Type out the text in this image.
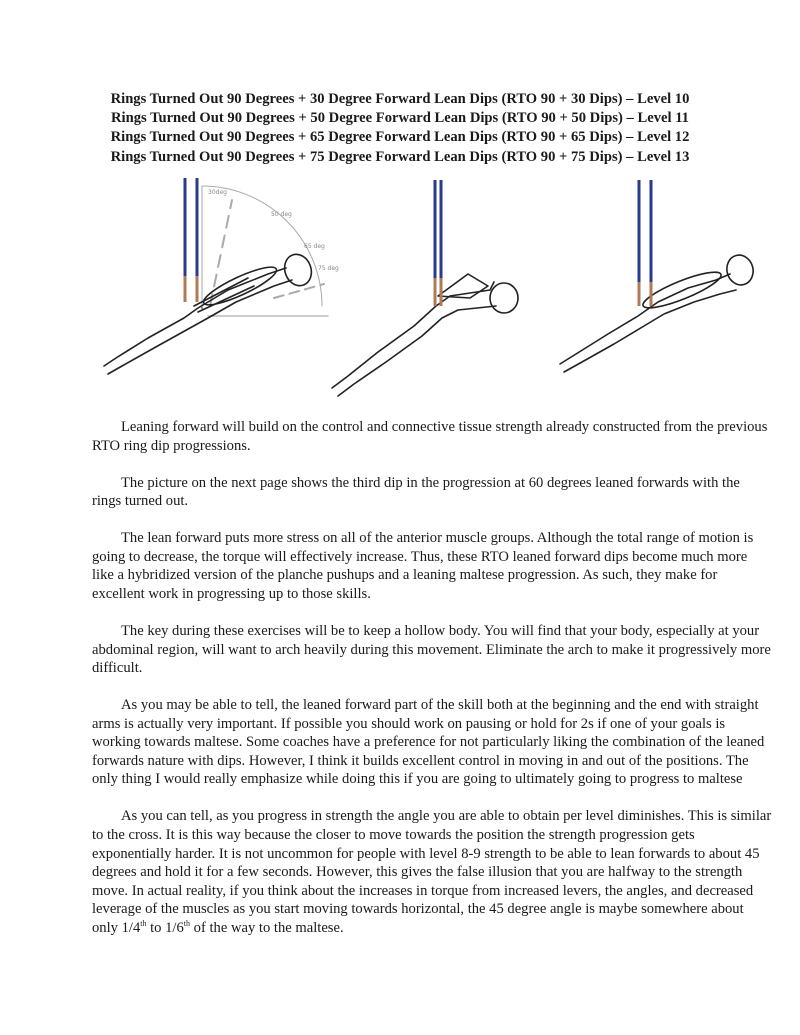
Rings Turned Out 90 Degrees + 30 Degree Forward Lean Dips (RTO 90 + 30 Dips) – Level 10
Rings Turned Out 90 Degrees + 50 Degree Forward Lean Dips (RTO 90 + 50 Dips) – Level 11
Rings Turned Out 90 Degrees + 65 Degree Forward Lean Dips (RTO 90 + 65 Dips) – Level 12
Rings Turned Out 90 Degrees + 75 Degree Forward Lean Dips (RTO 90 + 75 Dips) – Level 13
30deg
50 deg
65 deg
75 deg

Leaning forward will build on the control and connective tissue strength already constructed from the previous RTO ring dip progressions.

The picture on the next page shows the third dip in the progression at 60 degrees leaned forwards with the rings turned out.

The lean forward puts more stress on all of the anterior muscle groups. Although the total range of motion is going to decrease, the torque will effectively increase. Thus, these RTO leaned forward dips become much more like a hybridized version of the planche pushups and a leaning maltese progression. As such, they make for excellent work in progressing up to those skills.

The key during these exercises will be to keep a hollow body. You will find that your body, especially at your abdominal region, will want to arch heavily during this movement. Eliminate the arch to make it progressively more difficult.

As you may be able to tell, the leaned forward part of the skill both at the beginning and the end with straight arms is actually very important. If possible you should work on pausing or hold for 2s if one of your goals is working towards maltese. Some coaches have a preference for not particularly liking the combination of the leaned forwards nature with dips. However, I think it builds excellent control in moving in and out of the positions. The only thing I would really emphasize while doing this if you are going to ultimately going to progress to maltese

As you can tell, as you progress in strength the angle you are able to obtain per level diminishes. This is similar to the cross. It is this way because the closer to move towards the position the strength progression gets exponentially harder. It is not uncommon for people with level 8-9 strength to be able to lean forwards to about 45 degrees and hold it for a few seconds. However, this gives the false illusion that you are halfway to the strength move. In actual reality, if you think about the increases in torque from increased levers, the angles, and decreased leverage of the muscles as you start moving towards horizontal, the 45 degree angle is maybe somewhere about only 1/4th to 1/6th of the way to the maltese.
